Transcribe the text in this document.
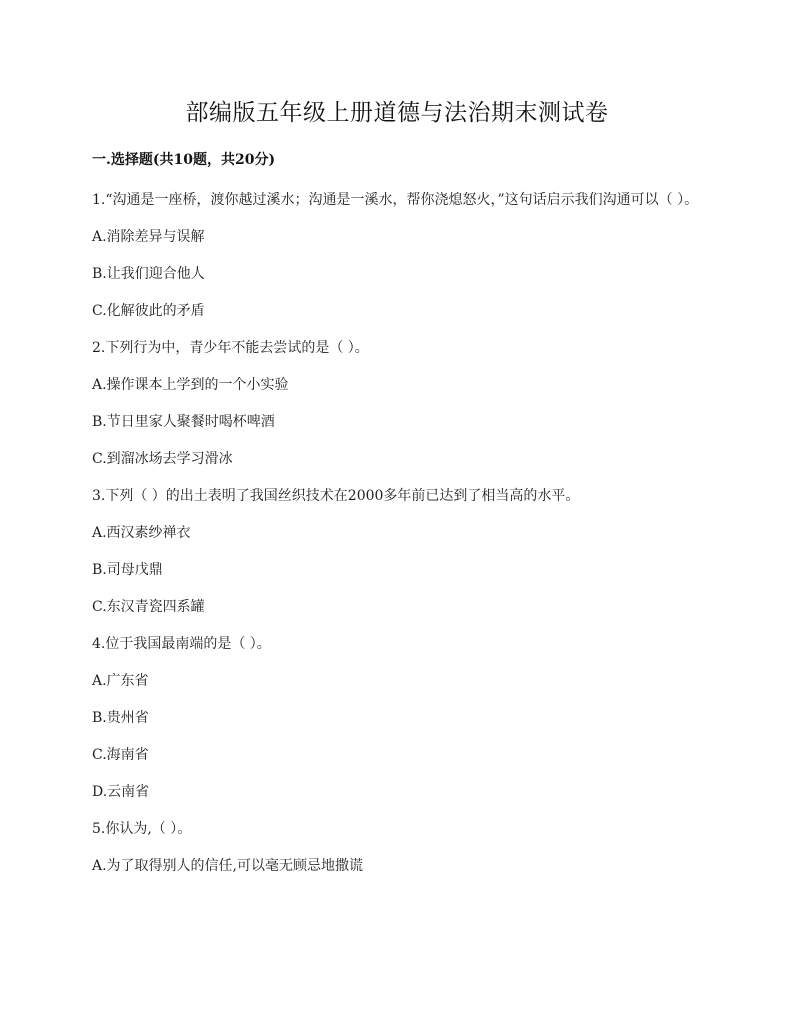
部编版五年级上册道德与法治期末测试卷
一.选择题(共10题，共20分)
1.“沟通是一座桥，渡你越过溪水；沟通是一溪水，帮你浇熄怒火，”这句话启示我们沟通可以（ ）。
A.消除差异与误解
B.让我们迎合他人
C.化解彼此的矛盾
2.下列行为中，青少年不能去尝试的是（ ）。
A.操作课本上学到的一个小实验
B.节日里家人聚餐时喝杯啤酒
C.到溜冰场去学习滑冰
3.下列（ ）的出土表明了我国丝织技术在2000多年前已达到了相当高的水平。
A.西汉素纱禅衣
B.司母戊鼎
C.东汉青瓷四系罐
4.位于我国最南端的是（ ）。
A.广东省
B.贵州省
C.海南省
D.云南省
5.你认为,（ ）。
A.为了取得别人的信任,可以毫无顾忌地撒谎
